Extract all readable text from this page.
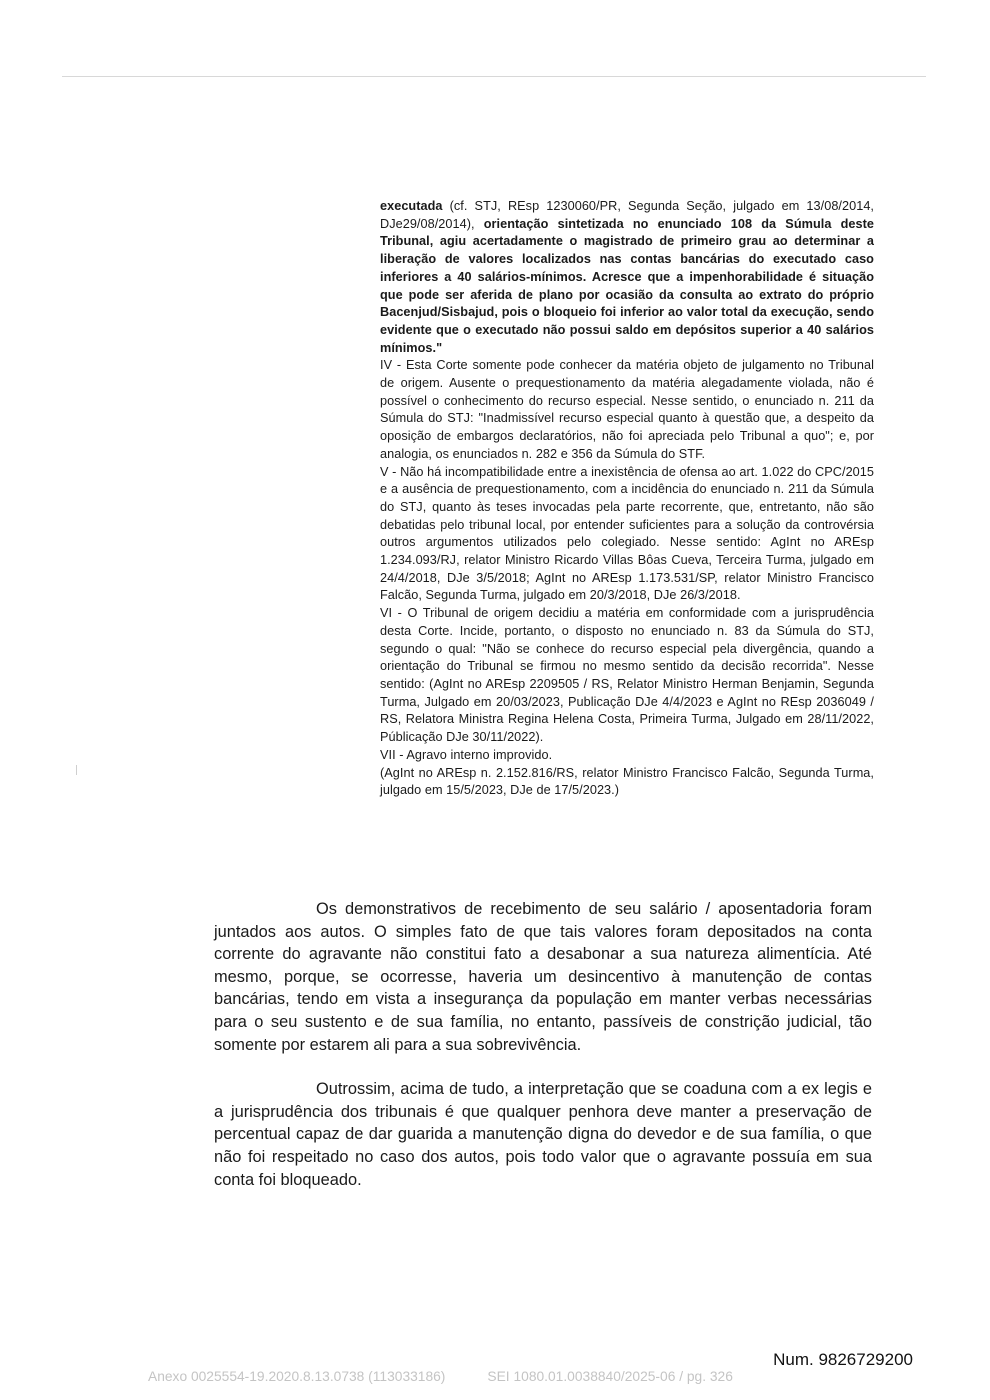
executada (cf. STJ, REsp 1230060/PR, Segunda Seção, julgado em 13/08/2014, DJe29/08/2014), orientação sintetizada no enunciado 108 da Súmula deste Tribunal, agiu acertadamente o magistrado de primeiro grau ao determinar a liberação de valores localizados nas contas bancárias do executado caso inferiores a 40 salários-mínimos. Acresce que a impenhorabilidade é situação que pode ser aferida de plano por ocasião da consulta ao extrato do próprio Bacenjud/Sisbajud, pois o bloqueio foi inferior ao valor total da execução, sendo evidente que o executado não possui saldo em depósitos superior a 40 salários mínimos."

IV - Esta Corte somente pode conhecer da matéria objeto de julgamento no Tribunal de origem. Ausente o prequestionamento da matéria alegadamente violada, não é possível o conhecimento do recurso especial. Nesse sentido, o enunciado n. 211 da Súmula do STJ: "Inadmissível recurso especial quanto à questão que, a despeito da oposição de embargos declaratórios, não foi apreciada pelo Tribunal a quo"; e, por analogia, os enunciados n. 282 e 356 da Súmula do STF.

V - Não há incompatibilidade entre a inexistência de ofensa ao art. 1.022 do CPC/2015 e a ausência de prequestionamento, com a incidência do enunciado n. 211 da Súmula do STJ, quanto às teses invocadas pela parte recorrente, que, entretanto, não são debatidas pelo tribunal local, por entender suficientes para a solução da controvérsia outros argumentos utilizados pelo colegiado. Nesse sentido: AgInt no AREsp 1.234.093/RJ, relator Ministro Ricardo Villas Bôas Cueva, Terceira Turma, julgado em 24/4/2018, DJe 3/5/2018; AgInt no AREsp 1.173.531/SP, relator Ministro Francisco Falcão, Segunda Turma, julgado em 20/3/2018, DJe 26/3/2018.

VI - O Tribunal de origem decidiu a matéria em conformidade com a jurisprudência desta Corte. Incide, portanto, o disposto no enunciado n. 83 da Súmula do STJ, segundo o qual: "Não se conhece do recurso especial pela divergência, quando a orientação do Tribunal se firmou no mesmo sentido da decisão recorrida". Nesse sentido: (AgInt no AREsp 2209505 / RS, Relator Ministro Herman Benjamin, Segunda Turma, Julgado em 20/03/2023, Publicação DJe 4/4/2023 e AgInt no REsp 2036049 / RS, Relatora Ministra Regina Helena Costa, Primeira Turma, Julgado em 28/11/2022, Públicação DJe 30/11/2022).

VII - Agravo interno improvido.

(AgInt no AREsp n. 2.152.816/RS, relator Ministro Francisco Falcão, Segunda Turma, julgado em 15/5/2023, DJe de 17/5/2023.)

Os demonstrativos de recebimento de seu salário / aposentadoria foram juntados aos autos. O simples fato de que tais valores foram depositados na conta corrente do agravante não constitui fato a desabonar a sua natureza alimentícia. Até mesmo, porque, se ocorresse, haveria um desincentivo à manutenção de contas bancárias, tendo em vista a insegurança da população em manter verbas necessárias para o seu sustento e de sua família, no entanto, passíveis de constrição judicial, tão somente por estarem ali para a sua sobrevivência.

Outrossim, acima de tudo, a interpretação que se coaduna com a ex legis e a jurisprudência dos tribunais é que qualquer penhora deve manter a preservação de percentual capaz de dar guarida a manutenção digna do devedor e de sua família, o que não foi respeitado no caso dos autos, pois todo valor que o agravante possuía em sua conta foi bloqueado.

Num. 9826729200
Anexo 0025554-19.2020.8.13.0738 (113033186)	SEI 1080.01.0038840/2025-06 / pg. 326
